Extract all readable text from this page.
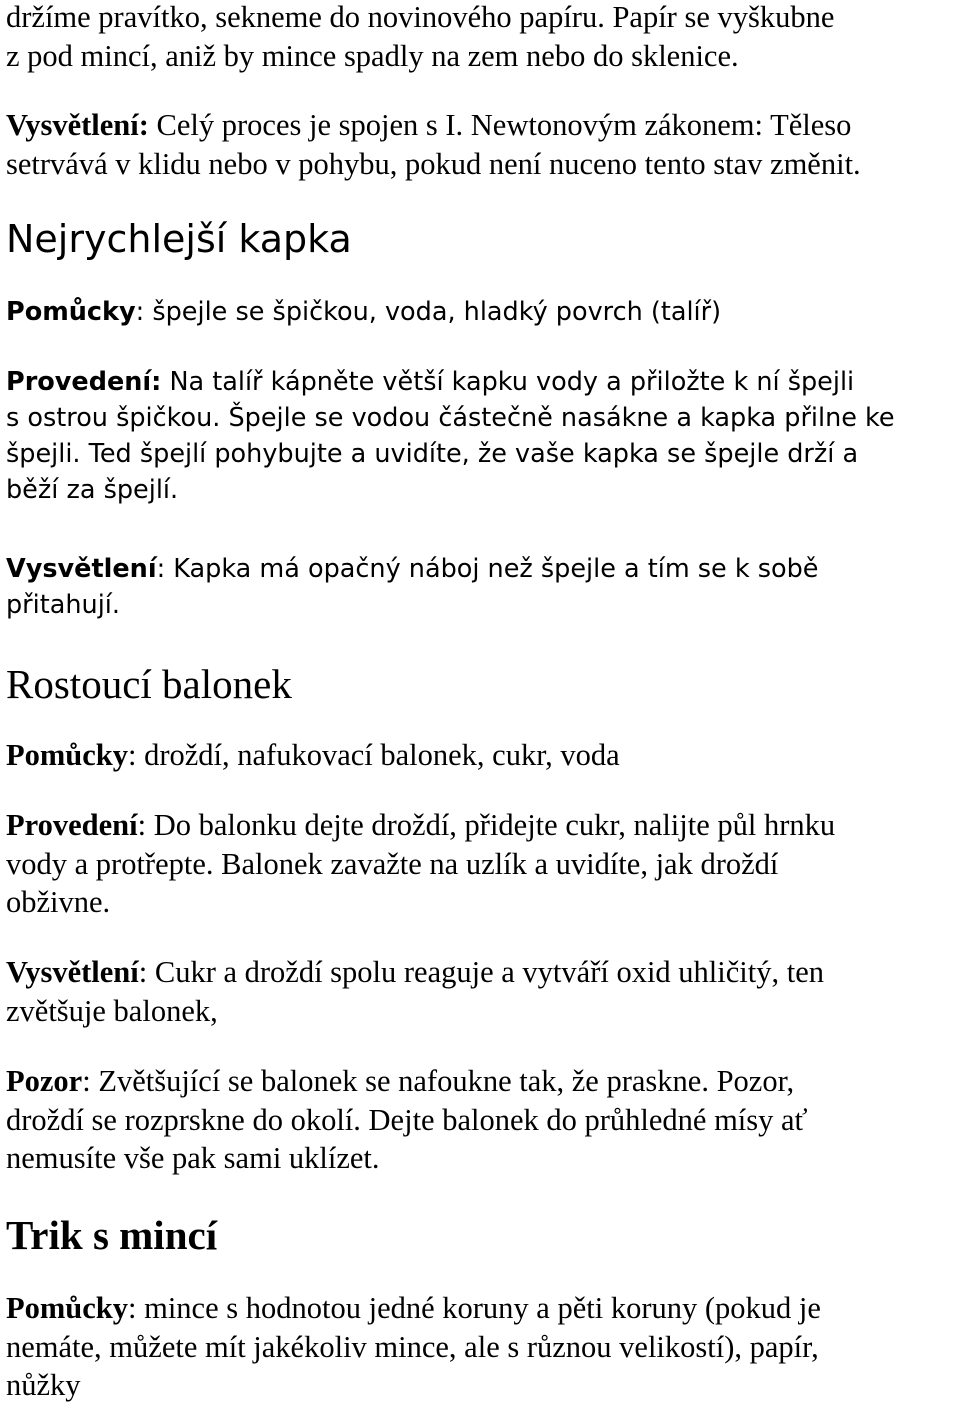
držíme pravítko, sekneme do novinového papíru. Papír se vyškubne
z pod mincí, aniž by mince spadly na zem nebo do sklenice.

Vysvětlení: Celý proces je spojen s I. Newtonovým zákonem: Těleso
setrvává v klidu nebo v pohybu, pokud není nuceno tento stav změnit.

Nejrychlejší kapka

Pomůcky: špejle se špičkou, voda, hladký povrch (talíř)

Provedení: Na talíř kápněte větší kapku vody a přiložte k ní špejli
s ostrou špičkou. Špejle se vodou částečně nasákne a kapka přilne ke
špejli. Ted špejlí pohybujte a uvidíte, že vaše kapka se špejle drží a
běží za špejlí.

Vysvětlení: Kapka má opačný náboj než špejle a tím se k sobě
přitahují.

Rostoucí balonek

Pomůcky: droždí, nafukovací balonek, cukr, voda

Provedení: Do balonku dejte droždí, přidejte cukr, nalijte půl hrnku
vody a protřepte. Balonek zavažte na uzlík a uvidíte, jak droždí
obživne.

Vysvětlení: Cukr a droždí spolu reaguje a vytváří oxid uhličitý, ten
zvětšuje balonek,

Pozor: Zvětšující se balonek se nafoukne tak, že praskne. Pozor,
droždí se rozprskne do okolí. Dejte balonek do průhledné mísy ať
nemusíte vše pak sami uklízet.

Trik s mincí

Pomůcky: mince s hodnotou jedné koruny a pěti koruny (pokud je
nemáte, můžete mít jakékoliv mince, ale s různou velikostí), papír,
nůžky
